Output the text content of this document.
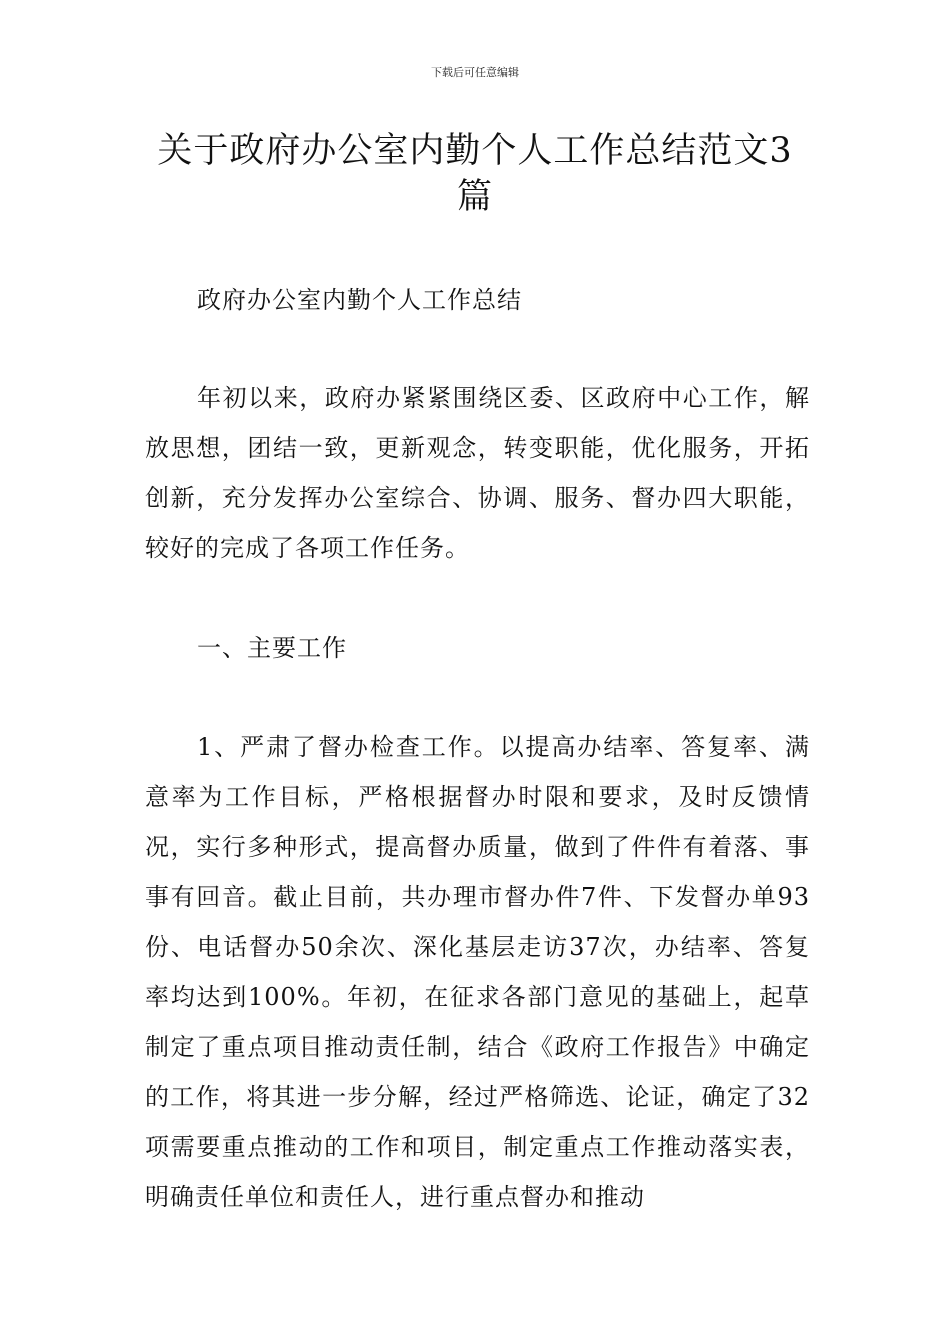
下载后可任意编辑
关于政府办公室内勤个人工作总结范文3篇

政府办公室内勤个人工作总结

年初以来，政府办紧紧围绕区委、区政府中心工作，解放思想，团结一致，更新观念，转变职能，优化服务，开拓创新，充分发挥办公室综合、协调、服务、督办四大职能，较好的完成了各项工作任务。

一、主要工作

1、严肃了督办检查工作。以提高办结率、答复率、满意率为工作目标，严格根据督办时限和要求，及时反馈情况，实行多种形式，提高督办质量，做到了件件有着落、事事有回音。截止目前，共办理市督办件7件、下发督办单93份、电话督办50余次、深化基层走访37次，办结率、答复率均达到100%。年初，在征求各部门意见的基础上，起草制定了重点项目推动责任制，结合《政府工作报告》中确定的工作，将其进一步分解，经过严格筛选、论证，确定了32项需要重点推动的工作和项目，制定重点工作推动落实表，明确责任单位和责任人，进行重点督办和推动
